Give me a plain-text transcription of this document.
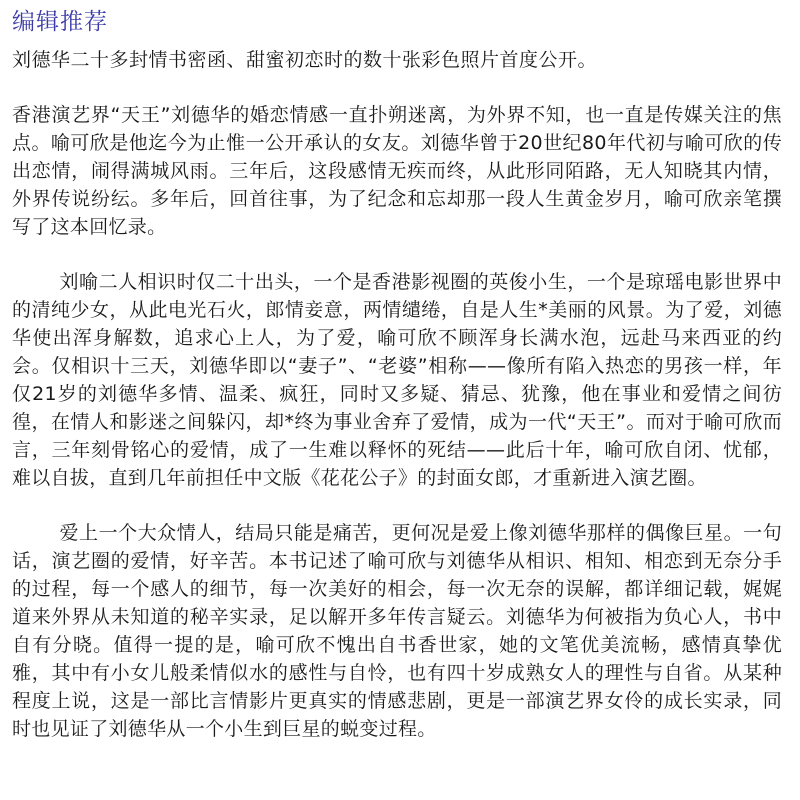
编辑推荐

刘德华二十多封情书密函、甜蜜初恋时的数十张彩色照片首度公开。

香港演艺界“天王”刘德华的婚恋情感一直扑朔迷离，为外界不知，也一直是传媒关注的焦点。喻可欣是他迄今为止惟一公开承认的女友。刘德华曾于20世纪80年代初与喻可欣的传出恋情，闹得满城风雨。三年后，这段感情无疾而终，从此形同陌路，无人知晓其内情，外界传说纷纭。多年后，回首往事，为了纪念和忘却那一段人生黄金岁月，喻可欣亲笔撰写了这本回忆录。

刘喻二人相识时仅二十出头，一个是香港影视圈的英俊小生，一个是琼瑶电影世界中的清纯少女，从此电光石火，郎情妾意，两情缱绻，自是人生*美丽的风景。为了爱，刘德华使出浑身解数，追求心上人，为了爱，喻可欣不顾浑身长满水泡，远赴马来西亚的约会。仅相识十三天，刘德华即以“妻子”、“老婆”相称——像所有陷入热恋的男孩一样，年仅21岁的刘德华多情、温柔、疯狂，同时又多疑、猜忌、犹豫，他在事业和爱情之间彷徨，在情人和影迷之间躲闪，却*终为事业舍弃了爱情，成为一代“天王”。而对于喻可欣而言，三年刻骨铭心的爱情，成了一生难以释怀的死结——此后十年，喻可欣自闭、忧郁，难以自拔，直到几年前担任中文版《花花公子》的封面女郎，才重新进入演艺圈。

爱上一个大众情人，结局只能是痛苦，更何况是爱上像刘德华那样的偶像巨星。一句话，演艺圈的爱情，好辛苦。本书记述了喻可欣与刘德华从相识、相知、相恋到无奈分手的过程，每一个感人的细节，每一次美好的相会，每一次无奈的误解，都详细记载，娓娓道来外界从未知道的秘辛实录，足以解开多年传言疑云。刘德华为何被指为负心人，书中自有分晓。值得一提的是，喻可欣不愧出自书香世家，她的文笔优美流畅，感情真挚优雅，其中有小女儿般柔情似水的感性与自怜，也有四十岁成熟女人的理性与自省。从某种程度上说，这是一部比言情影片更真实的情感悲剧，更是一部演艺界女伶的成长实录，同时也见证了刘德华从一个小生到巨星的蜕变过程。
